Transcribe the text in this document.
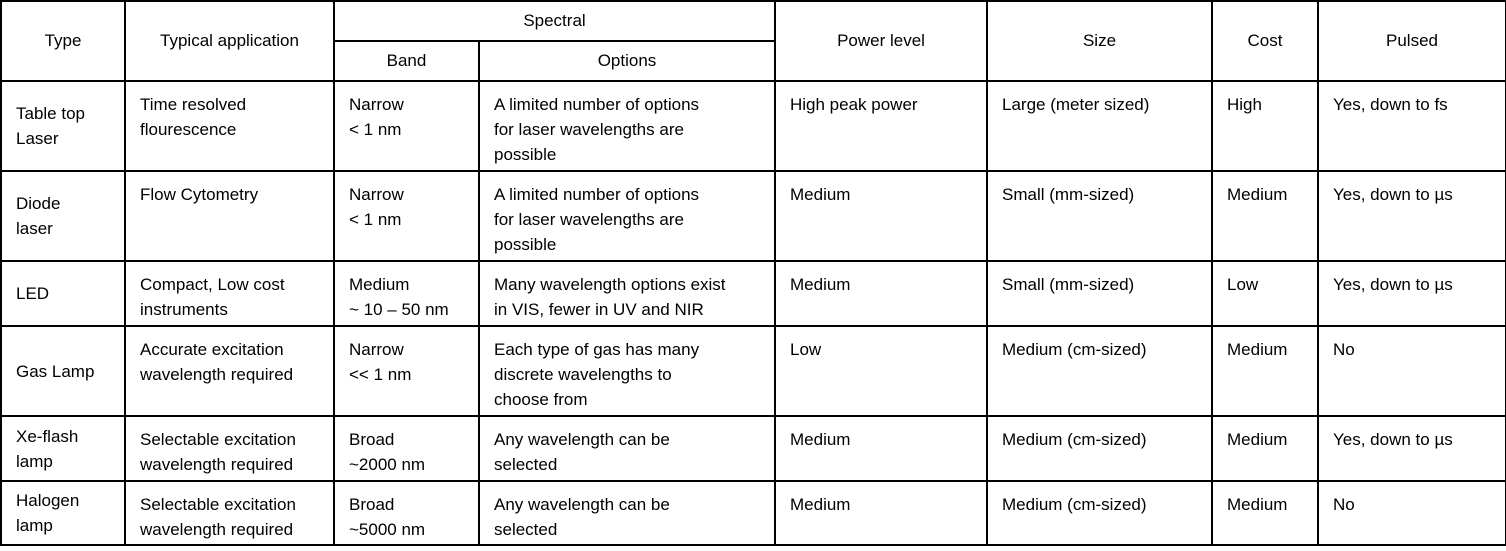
Type	Typical application	Spectral		Power level	Size	Cost	Pulsed
		Band	Options				

Table top
Laser	Time resolved
flourescence	Narrow
< 1 nm	A limited number of options
for laser wavelengths are
possible	High peak power	Large (meter sized)	High	Yes, down to fs

Diode
laser	Flow Cytometry	Narrow
< 1 nm	A limited number of options
for laser wavelengths are
possible	Medium	Small (mm-sized)	Medium	Yes, down to µs

LED	Compact, Low cost
instruments	Medium
~ 10 – 50 nm	Many wavelength options exist
in VIS, fewer in UV and NIR	Medium	Small (mm-sized)	Low	Yes, down to µs

Gas Lamp	Accurate excitation
wavelength required	Narrow
<< 1 nm	Each type of gas has many
discrete wavelengths to
choose from	Low	Medium (cm-sized)	Medium	No

Xe-flash
lamp	Selectable excitation
wavelength required	Broad
~2000 nm	Any wavelength can be
selected	Medium	Medium (cm-sized)	Medium	Yes, down to µs

Halogen
lamp	Selectable excitation
wavelength required	Broad
~5000 nm	Any wavelength can be
selected	Medium	Medium (cm-sized)	Medium	No
